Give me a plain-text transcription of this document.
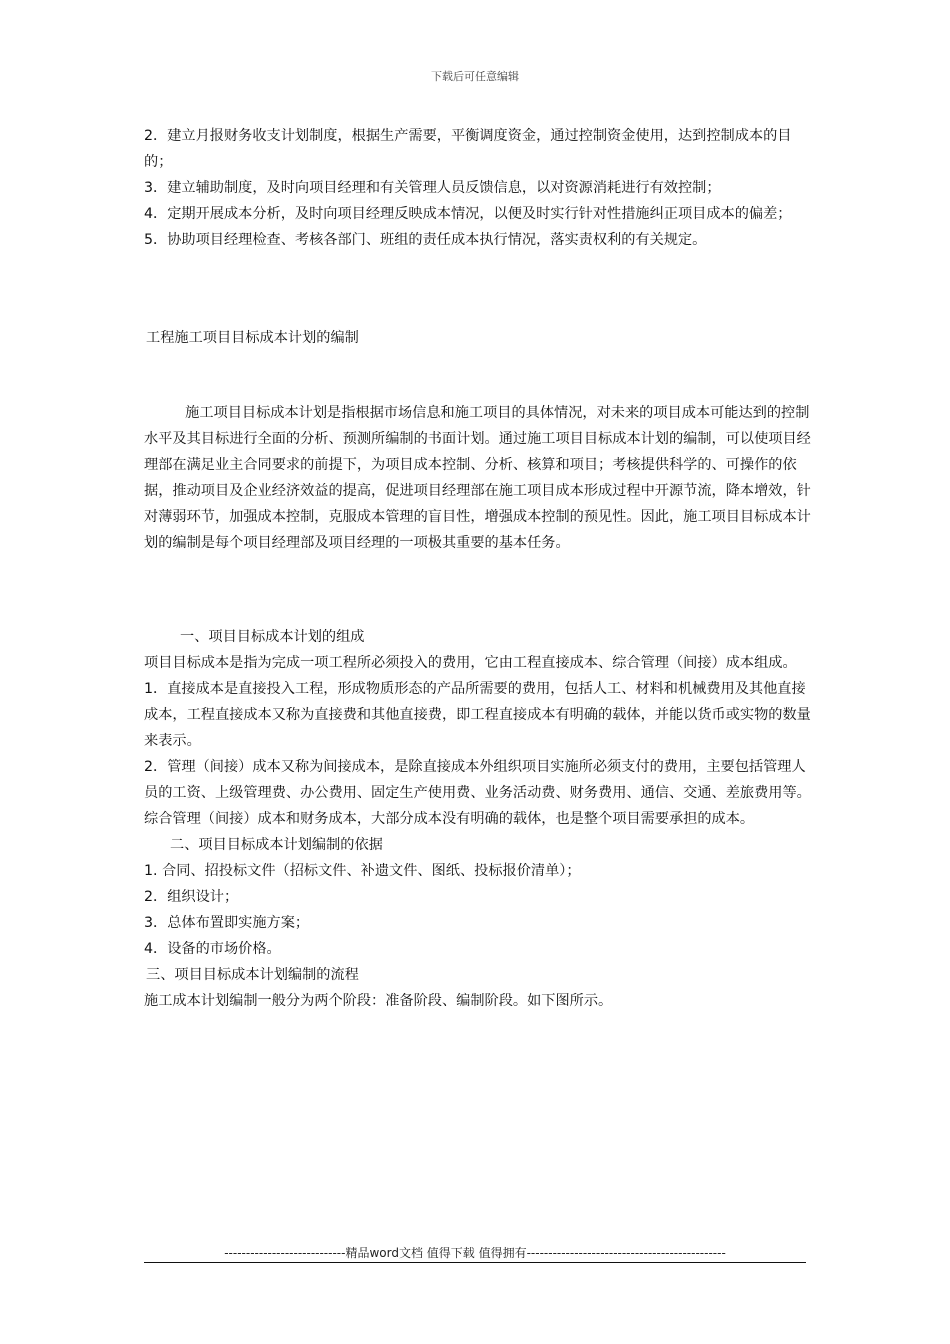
下载后可任意编辑

2．建立月报财务收支计划制度，根据生产需要，平衡调度资金，通过控制资金使用，达到控制成本的目的；

3．建立辅助制度，及时向项目经理和有关管理人员反馈信息，以对资源消耗进行有效控制；

4．定期开展成本分析，及时向项目经理反映成本情况，以便及时实行针对性措施纠正项目成本的偏差；

5．协助项目经理检查、考核各部门、班组的责任成本执行情况，落实责权利的有关规定。

工程施工项目目标成本计划的编制

施工项目目标成本计划是指根据市场信息和施工项目的具体情况，对未来的项目成本可能达到的控制水平及其目标进行全面的分析、预测所编制的书面计划。通过施工项目目标成本计划的编制，可以使项目经理部在满足业主合同要求的前提下，为项目成本控制、分析、核算和项目；考核提供科学的、可操作的依据，推动项目及企业经济效益的提高，促进项目经理部在施工项目成本形成过程中开源节流，降本增效，针对薄弱环节，加强成本控制，克服成本管理的盲目性，增强成本控制的预见性。因此，施工项目目标成本计划的编制是每个项目经理部及项目经理的一项极其重要的基本任务。

一、项目目标成本计划的组成

项目目标成本是指为完成一项工程所必须投入的费用，它由工程直接成本、综合管理（间接）成本组成。

1．直接成本是直接投入工程，形成物质形态的产品所需要的费用，包括人工、材料和机械费用及其他直接成本，工程直接成本又称为直接费和其他直接费，即工程直接成本有明确的载体，并能以货币或实物的数量来表示。

2．管理（间接）成本又称为间接成本，是除直接成本外组织项目实施所必须支付的费用，主要包括管理人员的工资、上级管理费、办公费用、固定生产使用费、业务活动费、财务费用、通信、交通、差旅费用等。综合管理（间接）成本和财务成本，大部分成本没有明确的载体，也是整个项目需要承担的成本。

二、项目目标成本计划编制的依据

1. 合同、招投标文件（招标文件、补遗文件、图纸、投标报价清单）；

2．组织设计；

3．总体布置即实施方案；

4．设备的市场价格。

三、项目目标成本计划编制的流程

施工成本计划编制一般分为两个阶段：准备阶段、编制阶段。如下图所示。

----------------------------精品word文档 值得下载 值得拥有----------------------------------------------
